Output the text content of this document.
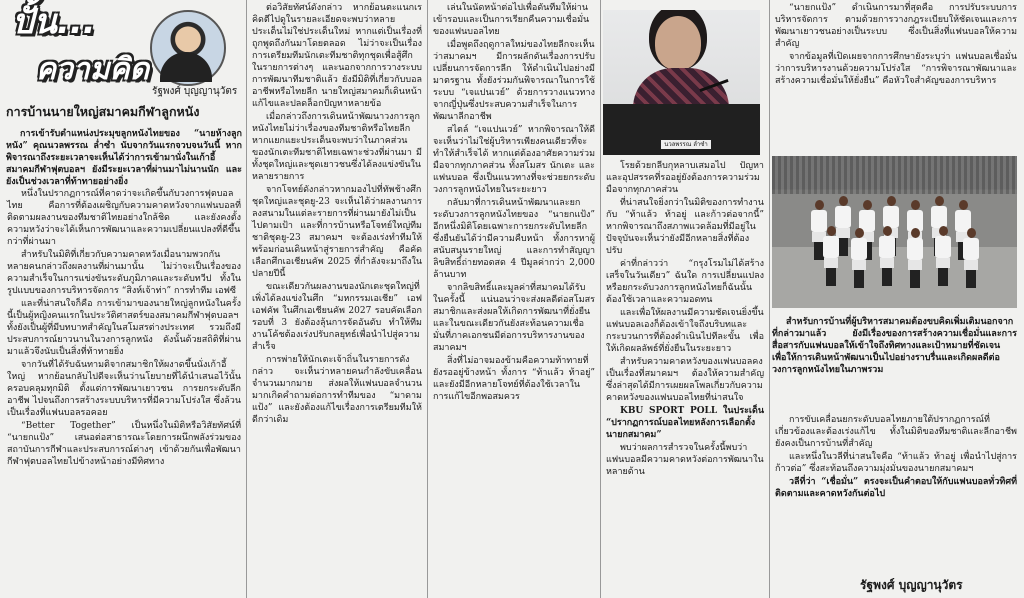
ปั้น...
ความคิด
รัฐพงศ์ บุญญานุวัตร
การบ้านนายใหญ่สมาคมกีฬาลูกหนัง

การเข้ารับตำแหน่งประมุขลูกหนังไทยของ “นายห้างลูกหนัง” คุณนวลพรรณ ล่ำซำ นับจากวันแรกจวบจนวันนี้ หากพิจารณาถึงระยะเวลาจะเห็นได้ว่าการเข้ามานั่งในเก้าอี้สมาคมกีฬาฟุตบอลฯ ยังมีระยะเวลาที่ผ่านมาไม่นานนัก และยังเป็นช่วงเวลาที่ท้าทายอย่างยิ่ง

หนึ่งในปรากฏการณ์ที่คาดว่าจะเกิดขึ้นกับวงการฟุตบอลไทย คือการที่ต้องเผชิญกับความคาดหวังจากแฟนบอลที่ติดตามผลงานของทีมชาติไทยอย่างใกล้ชิด และยังคงตั้งความหวังว่าจะได้เห็นการพัฒนาและความเปลี่ยนแปลงที่ดีขึ้นกว่าที่ผ่านมา

สำหรับในมิติที่เกี่ยวกับความคาดหวังเมื่อนามพวกกันหลายคนกล่าวถึงผลงานที่ผ่านมานั้น ไม่ว่าจะเป็นเรื่องของความสำเร็จในการแข่งขันระดับภูมิภาคและระดับทวีป ทั้งในรูปแบบของการบริหารจัดการ “สิงห์เจ้าท่า” การทำทีม เอฟซี

และที่น่าสนใจก็คือ การเข้ามาของนายใหญ่ลูกหนังในครั้งนี้เป็นผู้หญิงคนแรกในประวัติศาสตร์ของสมาคมกีฬาฟุตบอลฯ ทั้งยังเป็นผู้ที่มีบทบาทสำคัญในสโมสรต่างประเทศ รวมถึงมีประสบการณ์ยาวนานในวงการลูกหนัง ดังนั้นด้วยสถิติที่ผ่านมาแล้วจึงนับเป็นสิ่งที่ท้าทายยิ่ง

จากวันที่ได้รับฉันทามติจากสมาชิกให้ผงาดขึ้นนั่งเก้าอี้ใหญ่ หากย้อนกลับไปดีจะเห็นว่านโยบายที่ได้นำเสนอไว้นั้นครอบคลุมทุกมิติ ตั้งแต่การพัฒนาเยาวชน การยกระดับลีกอาชีพ ไปจนถึงการสร้างระบบบริหารที่มีความโปร่งใส ซึ่งล้วนเป็นเรื่องที่แฟนบอลรอคอย

“Better Together” เป็นหนึ่งในมิติหรือวิสัยทัศน์ที่ “นายกแป้ง” เสนอต่อสาธารณะโดยการผนึกพลังร่วมของสถาบันการกีฬาและประสบการณ์ต่างๆ เข้าด้วยกันเพื่อพัฒนากีฬาฟุตบอลไทยไปข้างหน้าอย่างมีทิศทาง

ต่อวิสัยทัศน์ดังกล่าว หากย้อนตะแนกเรคิดตีไปดูในรายละเอียดจะพบว่าหลายประเด็นไม่ใช่ประเด็นใหม่ หากแต่เป็นเรื่องที่ถูกพูดถึงกันมาโดยตลอด ไม่ว่าจะเป็นเรื่องการเตรียมทีมนักเตะทีมชาติทุกชุดเพื่อสู้ศึกในรายการต่างๆ และนอกจากการวางระบบการพัฒนาทีมชาติแล้ว ยังมีมิติที่เกี่ยวกับบอลอาชีพหรือไทยลีก นายใหญ่สมาคมก็เดินหน้าแก้ไขและปลดล็อกปัญหาหลายข้อ

เมื่อกล่าวถึงการเดินหน้าพัฒนาวงการลูกหนังไทยไม่ว่าเรื่องของทีมชาติหรือไทยลีก หากแยกแยะประเด็นจะพบว่าในภาคส่วนของนักเตะทีมชาติไทยเฉพาะช่วงที่ผ่านมา มีทั้งชุดใหญ่และชุดเยาวชนซึ่งได้ลงแข่งขันในหลายรายการ

จากโจทย์ดังกล่าวหากมองไปที่ทัพช้างศึกชุดใหญ่และชุดยู-23 จะเห็นได้ว่าผลงานการลงสนามในแต่ละรายการที่ผ่านมายังไม่เป็นไปตามเป้า และที่การบ้านหรือโจทย์ใหญ่ทีมชาติชุดยู-23 สมาคมฯ จะต้องเร่งทำทีมให้พร้อมก่อนเดินหน้าสู่รายการสำคัญ คือคัดเลือกศึกเอเชียนคัพ 2025 ที่กำลังจะมาถึงในปลายปีนี้

ขณะเดียวกันผลงานของนักเตะชุดใหญ่ที่เพิ่งได้ลงแข่งในศึก “มหกรรมเอเชีย” เอฟเอฟคัพ ในศึกเอเชียนคัพ 2027 รอบคัดเลือก รอบที่ 3 ยังต้องลุ้นการจัดอันดับ ทำให้ทีมงานโค้ชต้องเร่งปรับกลยุทธ์เพื่อนำไปสู่ความสำเร็จ

การพ่ายให้นักเตะเจ้าถิ่นในรายการดังกล่าว จะเห็นว่าหลายคนกำลังขับเคลื่อนจำนวนมากมาย ส่งผลให้แฟนบอลจำนวนมากเกิดคำถามต่อการทำทีมของ “มาดามแป้ง” และยังต้องแก้ไขเรื่องการเตรียมทีมให้ดีกว่าเดิม

เล่นในนัดหน้าต่อไปเพื่อดันทีมให้ผ่านเข้ารอบและเป็นการเรียกคืนความเชื่อมั่นของแฟนบอลไทย

เมื่อพูดถึงฤดูกาลใหม่ของไทยลีกจะเห็นว่าสมาคมฯ มีการผลักดันเรื่องการปรับเปลี่ยนการจัดการลีก ให้ดำเนินไปอย่างมีมาตรฐาน ทั้งยังร่วมกันพิจารณาในการใช้ระบบ “เจแปนเวย์” ด้วยการวางแนวทางจากญี่ปุ่นซึ่งประสบความสำเร็จในการพัฒนาลีกอาชีพ

สไตล์ “เจแปนเวย์” หากพิจารณาให้ดีจะเห็นว่าไม่ใช่ผู้บริหารเพียงคนเดียวที่จะทำให้สำเร็จได้ หากแต่ต้องอาศัยความร่วมมือจากทุกภาคส่วน ทั้งสโมสร นักเตะ และแฟนบอล ซึ่งเป็นแนวทางที่จะช่วยยกระดับวงการลูกหนังไทยในระยะยาว

กลับมาที่การเดินหน้าพัฒนาและยกระดับวงการลูกหนังไทยของ “นายกแป้ง” อีกหนึ่งมิติโดยเฉพาะการยกระดับไทยลีกซึ่งยืนยันได้ว่ามีความคืบหน้า ทั้งการหาผู้สนับสนุนรายใหญ่ และการทำสัญญาลิขสิทธิ์ถ่ายทอดสด 4 ปีมูลค่ากว่า 2,000 ล้านบาท

จากลิขสิทธิ์และมูลค่าที่สมาคมได้รับในครั้งนี้ แน่นอนว่าจะส่งผลดีต่อสโมสรสมาชิกและส่งผลให้เกิดการพัฒนาที่ยั่งยืน และในขณะเดียวกันยังสะท้อนความเชื่อมั่นที่ภาคเอกชนมีต่อการบริหารงานของสมาคมฯ

สิ่งที่ไม่อาจมองข้ามคือความท้าทายที่ยังรออยู่ข้างหน้า ทั้งการ “ท้าแล้ว ท้าอยู่” และยังมีอีกหลายโจทย์ที่ต้องใช้เวลาในการแก้ไขอีกพอสมควร

นวลพรรณ ล่ำซำ

โรยด้วยกลีบกุหลาบเสมอไป ปัญหาและอุปสรรคที่รออยู่ยังต้องการความร่วมมือจากทุกภาคส่วน

ที่น่าสนใจยิ่งกว่าในมิติของการทำงานกับ “ท้าแล้ว ท้าอยู่ และก้าวต่อจากนี้” หากพิจารณาถึงสภาพแวดล้อมที่มีอยู่ในปัจจุบันจะเห็นว่ายังมีอีกหลายสิ่งที่ต้องปรับ

ค่าที่กล่าวว่า “กรุงโรมไม่ได้สร้างเสร็จในวันเดียว” ฉันใด การเปลี่ยนแปลงหรือยกระดับวงการลูกหนังไทยก็ฉันนั้น ต้องใช้เวลาและความอดทน

และเพื่อให้ผลงานมีความชัดเจนยิ่งขึ้น แฟนบอลเองก็ต้องเข้าใจถึงบริบทและกระบวนการที่ต้องดำเนินไปทีละขั้น เพื่อให้เกิดผลลัพธ์ที่ยั่งยืนในระยะยาว

สำหรับความคาดหวังของแฟนบอลคงเป็นเรื่องที่สมาคมฯ ต้องให้ความสำคัญ ซึ่งล่าสุดได้มีการเผยผลโพลเกี่ยวกับความคาดหวังของแฟนบอลไทยที่น่าสนใจ

KBU SPORT POLL ในประเด็น “ปรากฏการณ์บอลไทยหลังการเลือกตั้งนายกสมาคม”

พบว่าผลการสำรวจในครั้งนี้พบว่าแฟนบอลมีความคาดหวังต่อการพัฒนาในหลายด้าน

“นายกแป้ง” ดำเนินการมาที่สุดคือ การปรับระบบการบริหารจัดการ ตามด้วยการวางกฎระเบียบให้ชัดเจนและการพัฒนาเยาวชนอย่างเป็นระบบ ซึ่งเป็นสิ่งที่แฟนบอลให้ความสำคัญ

จากข้อมูลที่เปิดเผยจากการศึกษายังระบุว่า แฟนบอลเชื่อมั่นว่าการบริหารงานด้วยความโปร่งใส “การพิจารณาพัฒนาและสร้างความเชื่อมั่นให้ยั่งยืน” คือหัวใจสำคัญของการบริหาร

สำหรับการบ้านที่ผู้บริหารสมาคมต้องขบคิดเพิ่มเติมนอกจากที่กล่าวมาแล้ว ยังมีเรื่องของการสร้างความเชื่อมั่นและการสื่อสารกับแฟนบอลให้เข้าใจถึงทิศทางและเป้าหมายที่ชัดเจน เพื่อให้การเดินหน้าพัฒนาเป็นไปอย่างราบรื่นและเกิดผลดีต่อวงการลูกหนังไทยในภาพรวม

การขับเคลื่อนยกระดับบอลไทยภายใต้ปรากฏการณ์ที่เกี่ยวข้องและต้องเร่งแก้ไข ทั้งในมิติของทีมชาติและลีกอาชีพ ยังคงเป็นการบ้านที่สำคัญ

และหนึ่งในวลีที่น่าสนใจคือ “ท้าแล้ว ท้าอยู่ เพื่อนำไปสู่การก้าวต่อ” ซึ่งสะท้อนถึงความมุ่งมั่นของนายกสมาคมฯ

วลีที่ว่า “เชื่อมั่น” ตรงจะเป็นคำตอบให้กับแฟนบอลทั่วทิศที่ติดตามและคาดหวังกันต่อไป

รัฐพงศ์ บุญญานุวัตร
